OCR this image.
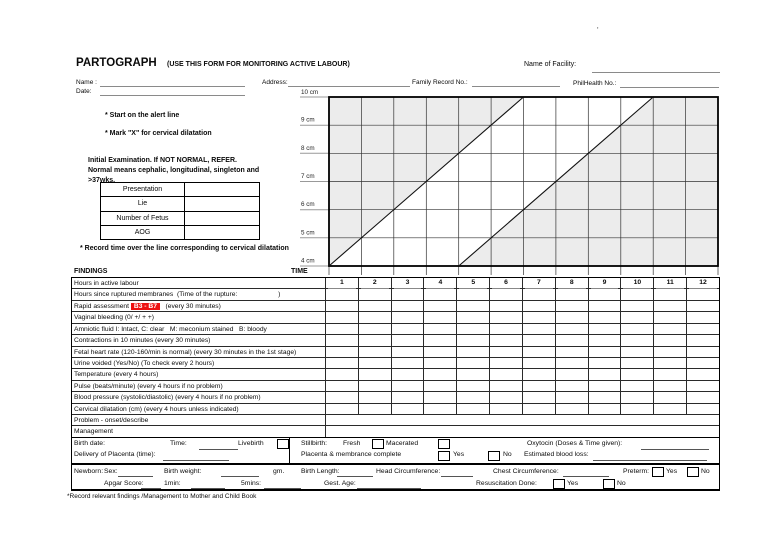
'
PARTOGRAPH (USE THIS FORM FOR MONITORING ACTIVE LABOUR)	Name of Facility:
Name :	Address:	Family Record No.:	PhilHealth No.:
Date:
* Start on the alert line
* Mark "X" for cervical dilatation
Initial Examination. If NOT NORMAL, REFER.
Normal means cephalic, longitudinal, singleton and
>37wks.
Presentation
Lie
Number of Fetus
AOG
* Record time over the line corresponding to cervical dilatation
10 cm
9 cm
8 cm
7 cm
6 cm
5 cm
4 cm
FINDINGS	TIME
Hours in active labour	1	2	3	4	5	6	7	8	9	10	11	12
Hours since ruptured membranes  (Time of the rupture:                      )
Rapid assessment B3 - B7   (every 30 minutes)
Vaginal bleeding (0/ +/ + +)
Amniotic fluid I: Intact, C: clear   M: meconium stained   B: bloody
Contractions in 10 minutes (every 30 minutes)
Fetal heart rate (120-160/min is normal) (every 30 minutes in the 1st stage)
Urine voided (Yes/No) (To check every 2 hours)
Temperature (every 4 hours)
Pulse (beats/minute) (every 4 hours if no problem)
Blood pressure (systolic/diastolic) (every 4 hours if no problem)
Cervical dilatation (cm) (every 4 hours unless indicated)
Problem - onset/describe
Management
Birth date:	Time:	Livebirth	Stillbirth: Fresh	Macerated	Oxytocin (Doses & Time given):
Delivery of Placenta (time):	Placenta & membrance complete	Yes	No Estimated blood loss:
Newborn: Sex:	Birth weight:	gm. Birth Length:	Head Circumference:	Chest Circumference:	Preterm: Yes	No
Apgar Score:	1min:	5mins:	Gest. Age:	Resuscitation Done:	Yes	No
*Record relevant findings /Management to Mother and Child Book
